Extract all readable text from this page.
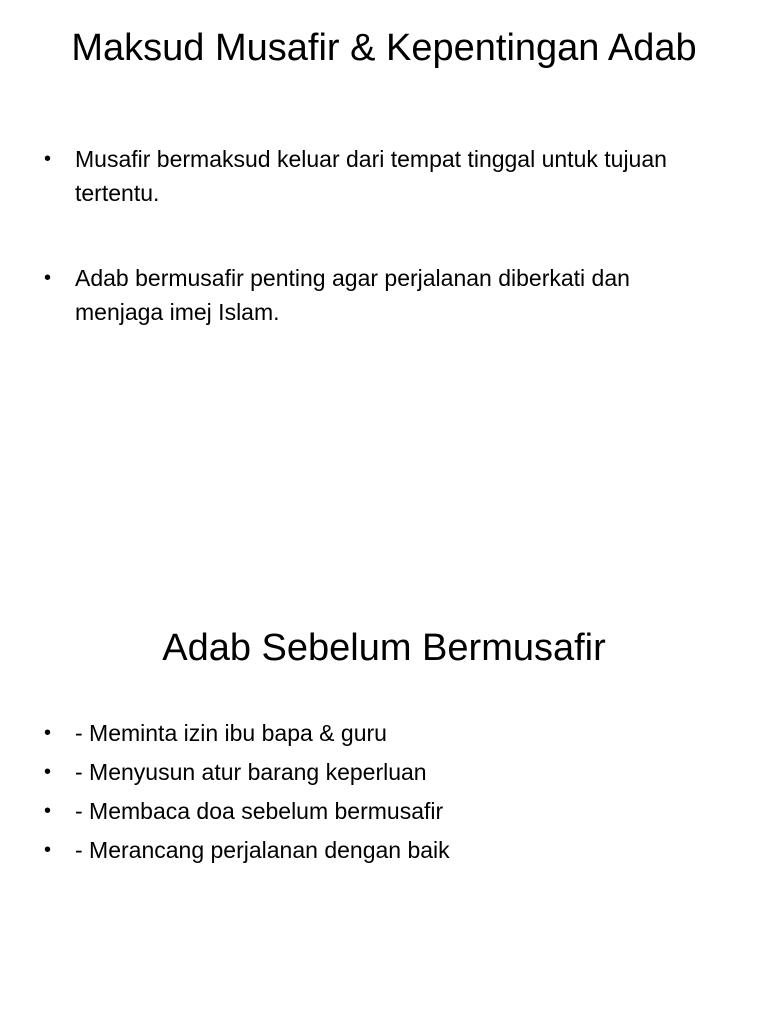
Maksud Musafir & Kepentingan Adab
• Musafir bermaksud keluar dari tempat tinggal untuk tujuan tertentu.
• Adab bermusafir penting agar perjalanan diberkati dan menjaga imej Islam.
Adab Sebelum Bermusafir
• - Meminta izin ibu bapa & guru
• - Menyusun atur barang keperluan
• - Membaca doa sebelum bermusafir
• - Merancang perjalanan dengan baik
